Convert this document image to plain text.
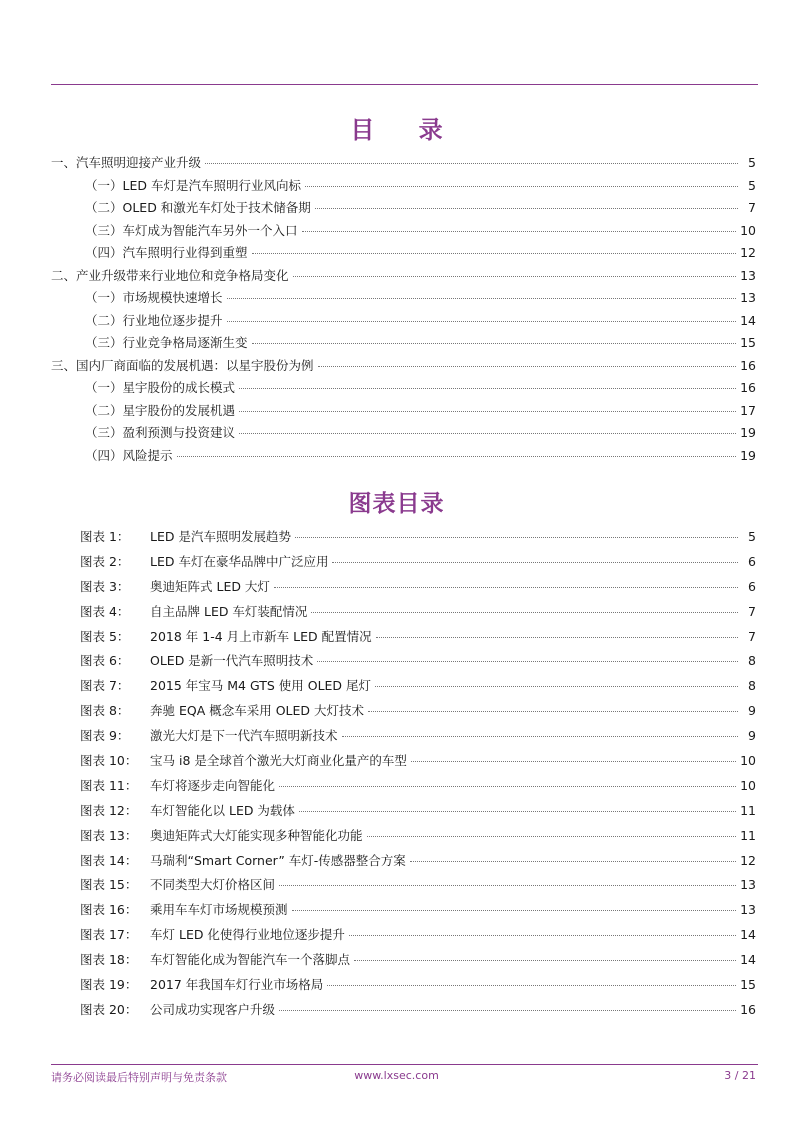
目 录
一、汽车照明迎接产业升级	5
（一）LED 车灯是汽车照明行业风向标	5
（二）OLED 和激光车灯处于技术储备期	7
（三）车灯成为智能汽车另外一个入口	10
（四）汽车照明行业得到重塑	12
二、产业升级带来行业地位和竞争格局变化	13
（一）市场规模快速增长	13
（二）行业地位逐步提升	14
（三）行业竞争格局逐渐生变	15
三、国内厂商面临的发展机遇：以星宇股份为例	16
（一）星宇股份的成长模式	16
（二）星宇股份的发展机遇	17
（三）盈利预测与投资建议	19
（四）风险提示	19
图表目录
图表 1：	LED 是汽车照明发展趋势	5
图表 2：	LED 车灯在豪华品牌中广泛应用	6
图表 3：	奥迪矩阵式 LED 大灯	6
图表 4：	自主品牌 LED 车灯装配情况	7
图表 5：	2018 年 1-4 月上市新车 LED 配置情况	7
图表 6：	OLED 是新一代汽车照明技术	8
图表 7：	2015 年宝马 M4 GTS 使用 OLED 尾灯	8
图表 8：	奔驰 EQA 概念车采用 OLED 大灯技术	9
图表 9：	激光大灯是下一代汽车照明新技术	9
图表 10：	宝马 i8 是全球首个激光大灯商业化量产的车型	10
图表 11：	车灯将逐步走向智能化	10
图表 12：	车灯智能化以 LED 为载体	11
图表 13：	奥迪矩阵式大灯能实现多种智能化功能	11
图表 14：	马瑞利“Smart Corner” 车灯-传感器整合方案	12
图表 15：	不同类型大灯价格区间	13
图表 16：	乘用车车灯市场规模预测	13
图表 17：	车灯 LED 化使得行业地位逐步提升	14
图表 18：	车灯智能化成为智能汽车一个落脚点	14
图表 19：	2017 年我国车灯行业市场格局	15
图表 20：	公司成功实现客户升级	16
请务必阅读最后特别声明与免责条款	www.lxsec.com	3 / 21
